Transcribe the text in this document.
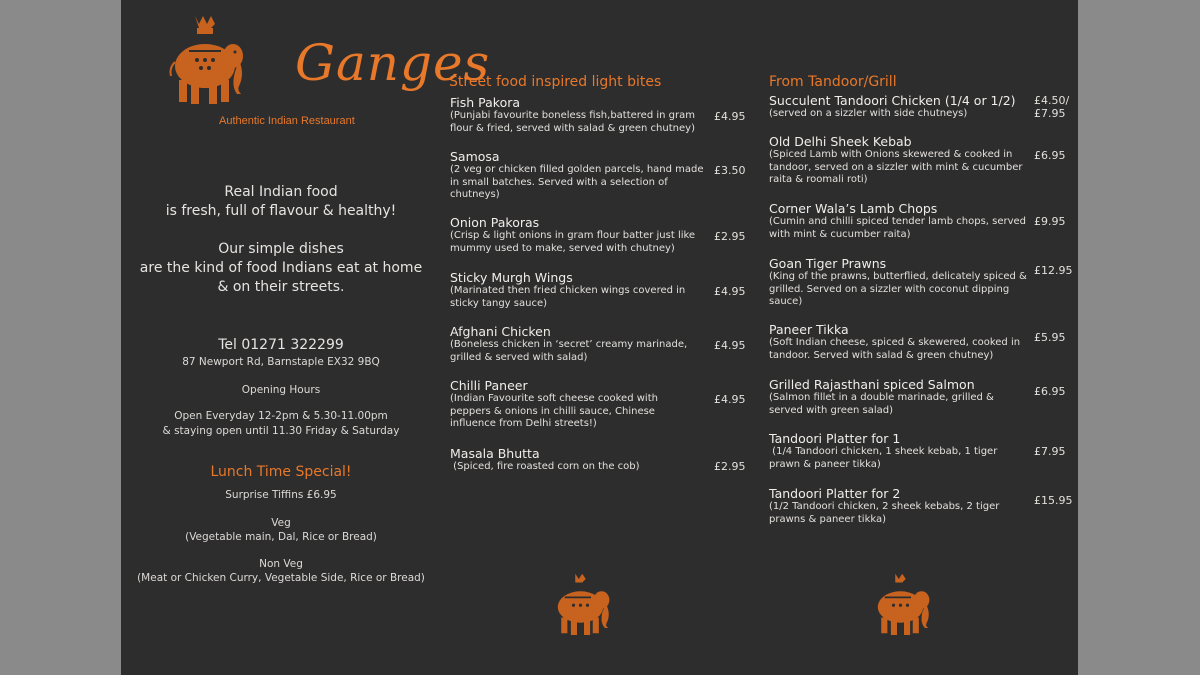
Ganges
Authentic Indian Restaurant
Real Indian food
is fresh, full of flavour & healthy!
Our simple dishes
are the kind of food Indians eat at home
& on their streets.
Tel 01271 322299
87 Newport Rd, Barnstaple EX32 9BQ
Opening Hours
Open Everyday 12-2pm & 5.30-11.00pm
& staying open until 11.30 Friday & Saturday
Lunch Time Special!
Surprise Tiffins £6.95
Veg
(Vegetable main, Dal, Rice or Bread)
Non Veg
(Meat or Chicken Curry, Vegetable Side, Rice or Bread)
Street food inspired light bites
Fish Pakora
(Punjabi favourite boneless fish,battered in gram
flour & fried, served with salad & green chutney)
£4.95
Samosa
(2 veg or chicken filled golden parcels, hand made
in small batches. Served with a selection of
chutneys)
£3.50
Onion Pakoras
(Crisp & light onions in gram flour batter just like
mummy used to make, served with chutney)
£2.95
Sticky Murgh Wings
(Marinated then fried chicken wings covered in
sticky tangy sauce)
£4.95
Afghani Chicken
(Boneless chicken in ‘secret’ creamy marinade,
grilled & served with salad)
£4.95
Chilli Paneer
(Indian Favourite soft cheese cooked with
peppers & onions in chilli sauce, Chinese
influence from Delhi streets!)
£4.95
Masala Bhutta
(Spiced, fire roasted corn on the cob)	£2.95
From Tandoor/Grill
Succulent Tandoori Chicken (1/4 or 1/2)
(served on a sizzler with side chutneys)
£4.50/
£7.95
Old Delhi Sheek Kebab
(Spiced Lamb with Onions skewered & cooked in
tandoor, served on a sizzler with mint & cucumber
raita & roomali roti)
£6.95
Corner Wala’s Lamb Chops
(Cumin and chilli spiced tender lamb chops, served
with mint & cucumber raita)
£9.95
Goan Tiger Prawns
(King of the prawns, butterflied, delicately spiced &
grilled. Served on a sizzler with coconut dipping
sauce)
£12.95
Paneer Tikka
(Soft Indian cheese, spiced & skewered, cooked in
tandoor. Served with salad & green chutney)
£5.95
Grilled Rajasthani spiced Salmon
(Salmon fillet in a double marinade, grilled &
served with green salad)
£6.95
Tandoori Platter for 1
(1/4 Tandoori chicken, 1 sheek kebab, 1 tiger
prawn & paneer tikka)
£7.95
Tandoori Platter for 2
(1/2 Tandoori chicken, 2 sheek kebabs, 2 tiger
prawns & paneer tikka)
£15.95
